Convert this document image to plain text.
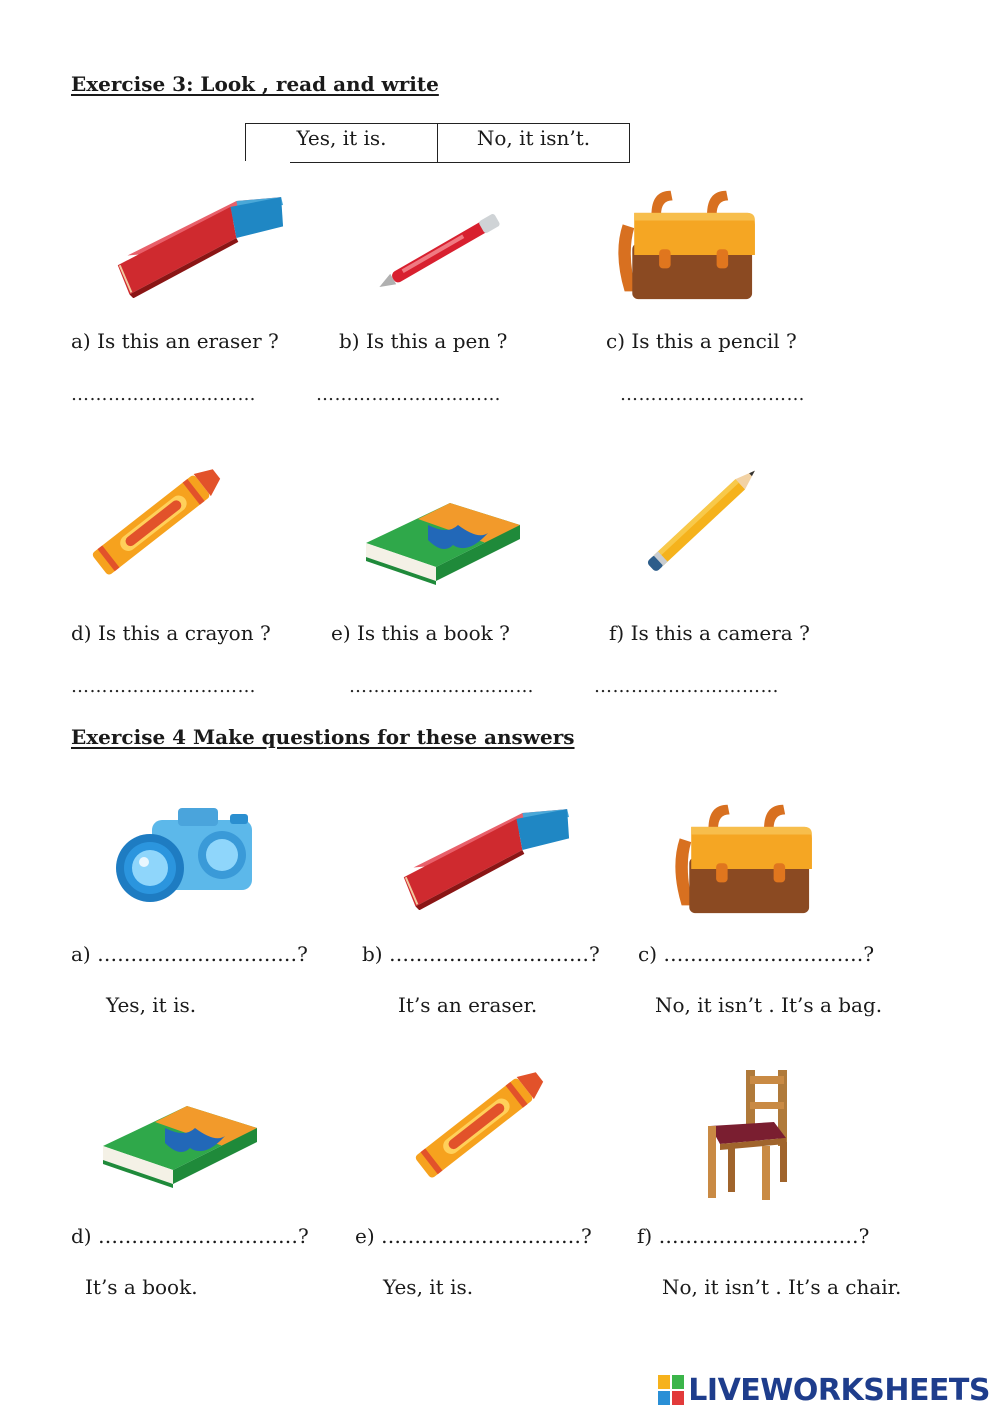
Exercise 3: Look , read and write
Yes, it is.	No, it isn’t.
a) Is this an eraser ?	b) Is this a pen ?	c) Is this a pencil ?
…………………………	…………………………	…………………………
d) Is this a crayon ?	e) Is this a book ?	f) Is this a camera ?
…………………………	…………………………	…………………………
Exercise 4 Make questions for these answers
a) …………………………?	b) …………………………? c) …………………………?
Yes, it is.	It’s an eraser.	No, it isn’t . It’s a bag.
d) …………………………? e) …………………………? f) …………………………?
It’s a book.	Yes, it is.	No, it isn’t . It’s a chair.
LIVEWORKSHEETS
